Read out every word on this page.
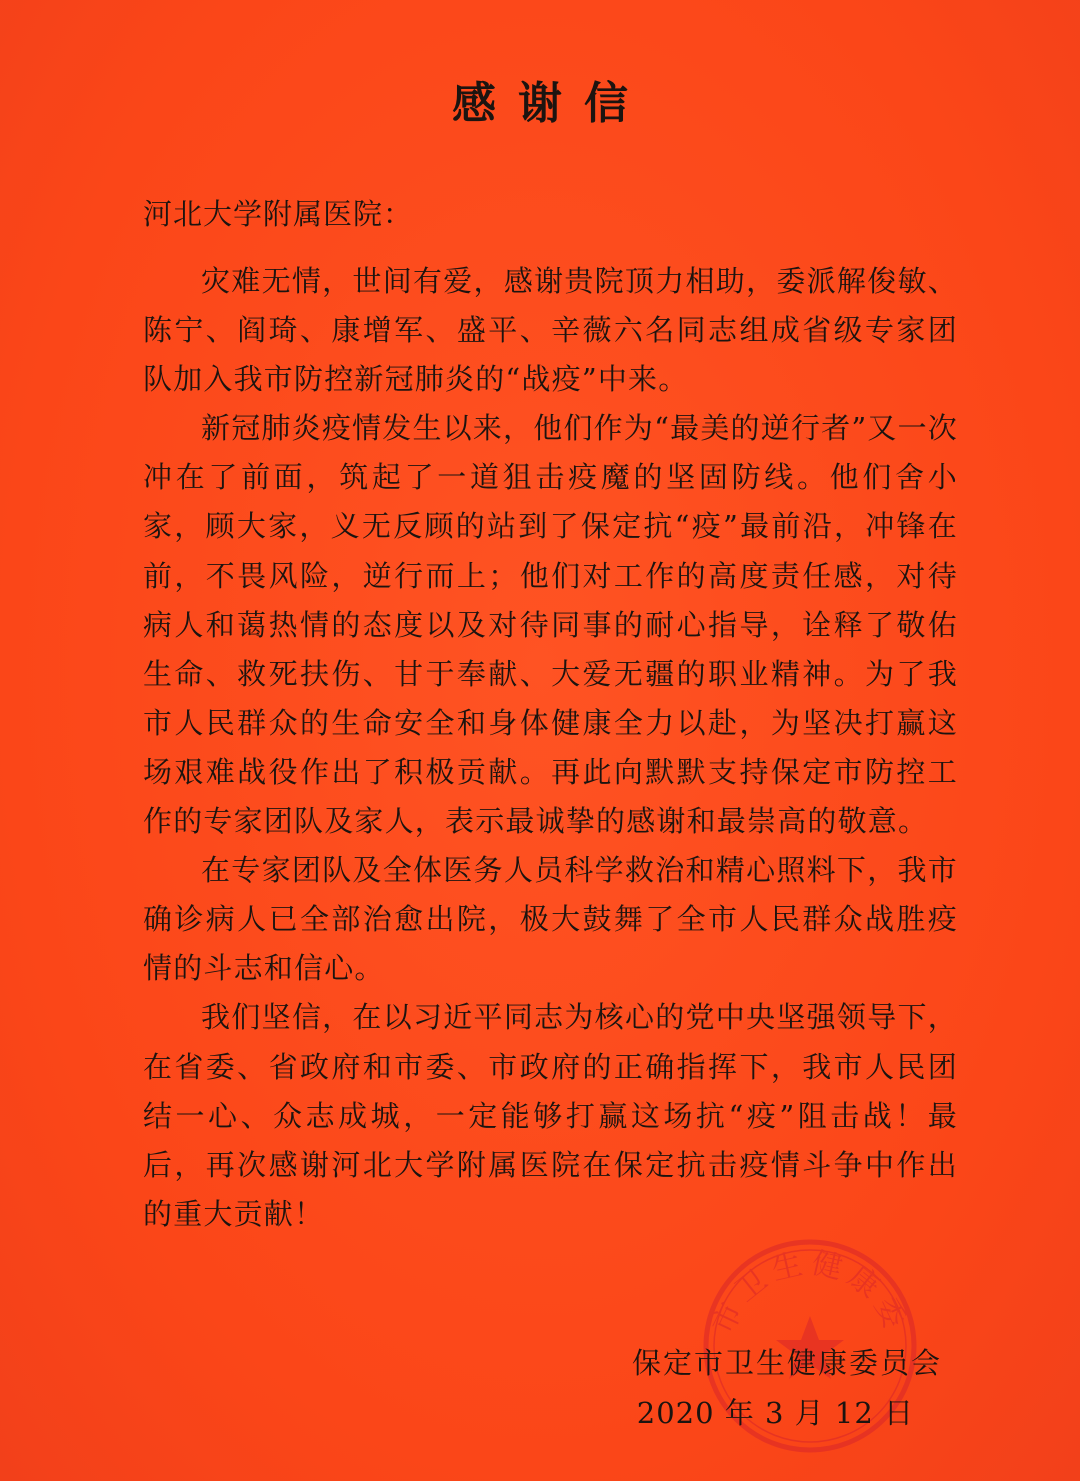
感谢信

河北大学附属医院：

灾难无情，世间有爱，感谢贵院顶力相助，委派解俊敏、陈宁、阎琦、康增军、盛平、辛薇六名同志组成省级专家团队加入我市防控新冠肺炎的“战疫”中来。

新冠肺炎疫情发生以来，他们作为“最美的逆行者”又一次冲在了前面，筑起了一道狙击疫魔的坚固防线。他们舍小家，顾大家，义无反顾的站到了保定抗“疫”最前沿，冲锋在前，不畏风险，逆行而上；他们对工作的高度责任感，对待病人和蔼热情的态度以及对待同事的耐心指导，诠释了敬佑生命、救死扶伤、甘于奉献、大爱无疆的职业精神。为了我市人民群众的生命安全和身体健康全力以赴，为坚决打赢这场艰难战役作出了积极贡献。再此向默默支持保定市防控工作的专家团队及家人，表示最诚挚的感谢和最崇高的敬意。

在专家团队及全体医务人员科学救治和精心照料下，我市确诊病人已全部治愈出院，极大鼓舞了全市人民群众战胜疫情的斗志和信心。

我们坚信，在以习近平同志为核心的党中央坚强领导下，在省委、省政府和市委、市政府的正确指挥下，我市人民团结一心、众志成城，一定能够打赢这场抗“疫”阻击战！最后，再次感谢河北大学附属医院在保定抗击疫情斗争中作出的重大贡献！

市卫生健康委
保定市卫生健康委员会
2020 年 3 月 12 日
